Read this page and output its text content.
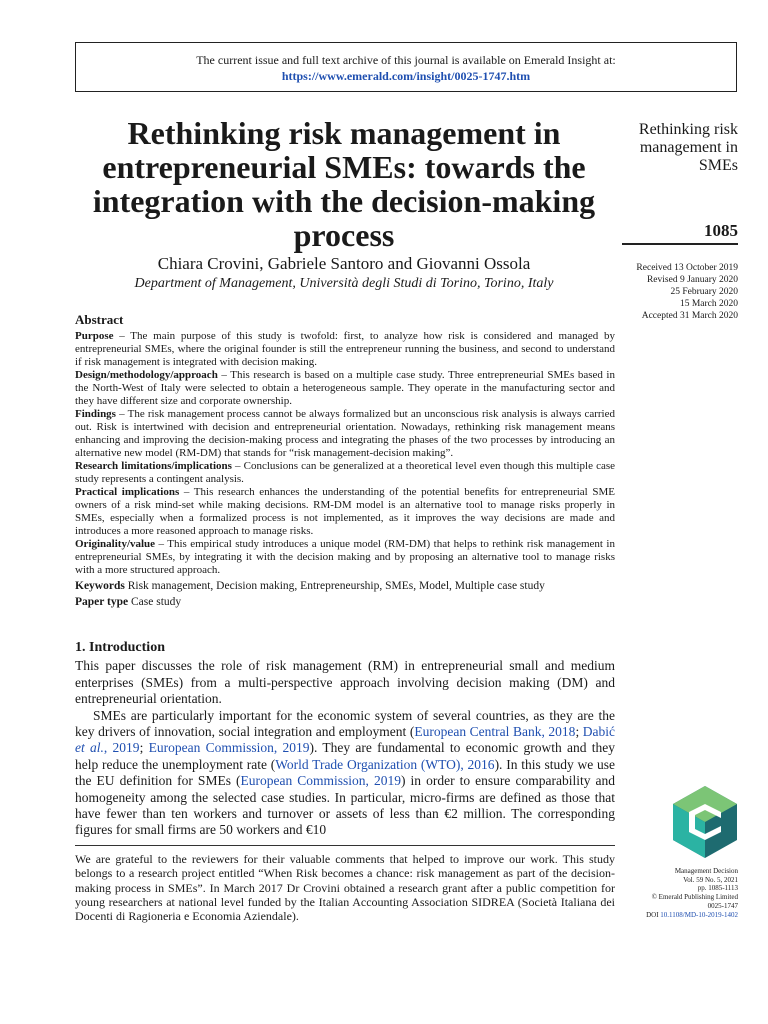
The current issue and full text archive of this journal is available on Emerald Insight at:
https://www.emerald.com/insight/0025-1747.htm
Rethinking risk management in entrepreneurial SMEs: towards the integration with the decision-making process
Chiara Crovini, Gabriele Santoro and Giovanni Ossola
Department of Management, Università degli Studi di Torino, Torino, Italy
Rethinking risk management in SMEs
1085
Received 13 October 2019
Revised 9 January 2020
25 February 2020
15 March 2020
Accepted 31 March 2020
Abstract

Purpose – The main purpose of this study is twofold: first, to analyze how risk is considered and managed by entrepreneurial SMEs, where the original founder is still the entrepreneur running the business, and second to understand if risk management is integrated with decision making.

Design/methodology/approach – This research is based on a multiple case study. Three entrepreneurial SMEs based in the North-West of Italy were selected to obtain a heterogeneous sample. They operate in the manufacturing sector and they have different size and corporate ownership.

Findings – The risk management process cannot be always formalized but an unconscious risk analysis is always carried out. Risk is intertwined with decision and entrepreneurial orientation. Nowadays, rethinking risk management means enhancing and improving the decision-making process and integrating the phases of the two processes by introducing an alternative new model (RM-DM) that stands for “risk management-decision making”.

Research limitations/implications – Conclusions can be generalized at a theoretical level even though this multiple case study represents a contingent analysis.

Practical implications – This research enhances the understanding of the potential benefits for entrepreneurial SME owners of a risk mind-set while making decisions. RM-DM model is an alternative tool to manage risks properly in SMEs, especially when a formalized process is not implemented, as it improves the way decisions are made and introduces a more reasoned approach to manage risks.

Originality/value – This empirical study introduces a unique model (RM-DM) that helps to rethink risk management in entrepreneurial SMEs, by integrating it with the decision making and by proposing an alternative tool to manage risks with a more structured approach.

Keywords Risk management, Decision making, Entrepreneurship, SMEs, Model, Multiple case study

Paper type Case study

1. Introduction

This paper discusses the role of risk management (RM) in entrepreneurial small and medium enterprises (SMEs) from a multi-perspective approach involving decision making (DM) and entrepreneurial orientation.

SMEs are particularly important for the economic system of several countries, as they are the key drivers of innovation, social integration and employment (European Central Bank, 2018; Dabić et al., 2019; European Commission, 2019). They are fundamental to economic growth and they help reduce the unemployment rate (World Trade Organization (WTO), 2016). In this study we use the EU definition for SMEs (European Commission, 2019) in order to ensure comparability and homogeneity among the selected case studies. In particular, micro-firms are defined as those that have fewer than ten workers and turnover or assets of less than €2 million. The corresponding figures for small firms are 50 workers and €10

We are grateful to the reviewers for their valuable comments that helped to improve our work. This study belongs to a research project entitled “When Risk becomes a chance: risk management as part of the decision-making process in SMEs”. In March 2017 Dr Crovini obtained a research grant after a public competition for young researchers at national level funded by the Italian Accounting Association SIDREA (Società Italiana dei Docenti di Ragioneria e Economia Aziendale).
Management Decision
Vol. 59 No. 5, 2021
pp. 1085-1113
© Emerald Publishing Limited
0025-1747
DOI 10.1108/MD-10-2019-1402
